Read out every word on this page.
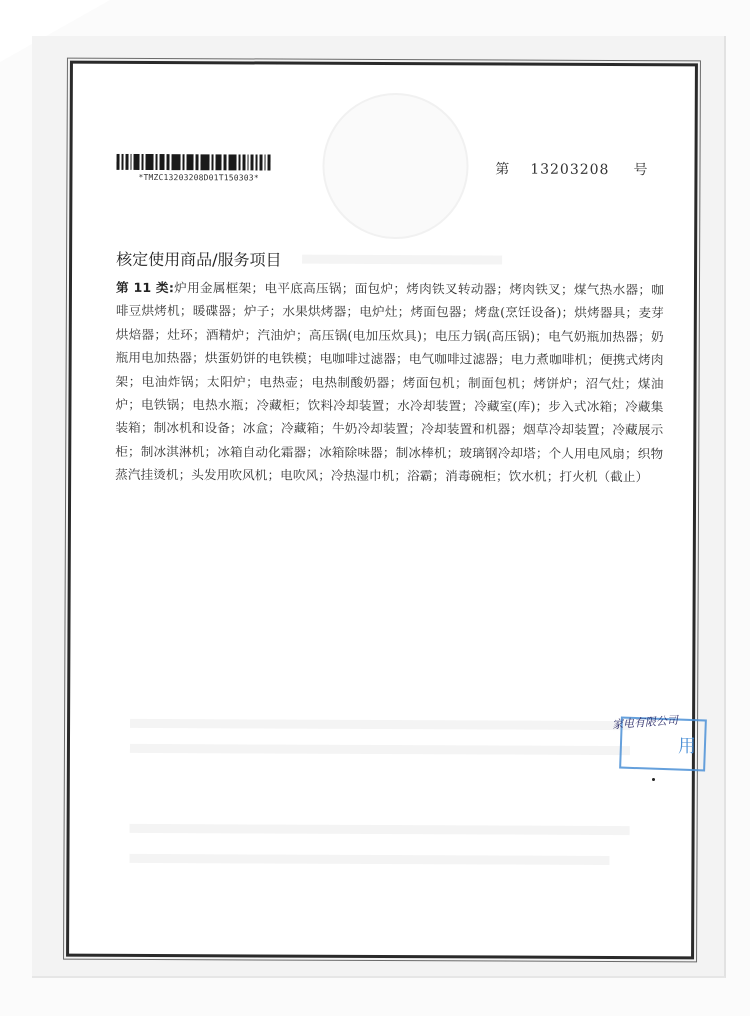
*TMZC13203208D01T150303*
第 13203208 号
核定使用商品/服务项目
第 11 类:炉用金属框架；电平底高压锅；面包炉；烤肉铁叉转动器；烤肉铁叉；煤气热水器；咖啡豆烘烤机；暖碟器；炉子；水果烘烤器；电炉灶；烤面包器；烤盘(烹饪设备)；烘烤器具；麦芽烘焙器；灶环；酒精炉；汽油炉；高压锅(电加压炊具)；电压力锅(高压锅)；电气奶瓶加热器；奶瓶用电加热器；烘蛋奶饼的电铁模；电咖啡过滤器；电气咖啡过滤器；电力煮咖啡机；便携式烤肉架；电油炸锅；太阳炉；电热壶；电热制酸奶器；烤面包机；制面包机；烤饼炉；沼气灶；煤油炉；电铁锅；电热水瓶；冷藏柜；饮料冷却装置；水冷却装置；冷藏室(库)；步入式冰箱；冷藏集装箱；制冰机和设备；冰盒；冷藏箱；牛奶冷却装置；冷却装置和机器；烟草冷却装置；冷藏展示柜；制冰淇淋机；冰箱自动化霜器；冰箱除味器；制冰棒机；玻璃钢冷却塔；个人用电风扇；织物蒸汽挂烫机；头发用吹风机；电吹风；冷热湿巾机；浴霸；消毒碗柜；饮水机；打火机（截止）
家电有限公司
用
